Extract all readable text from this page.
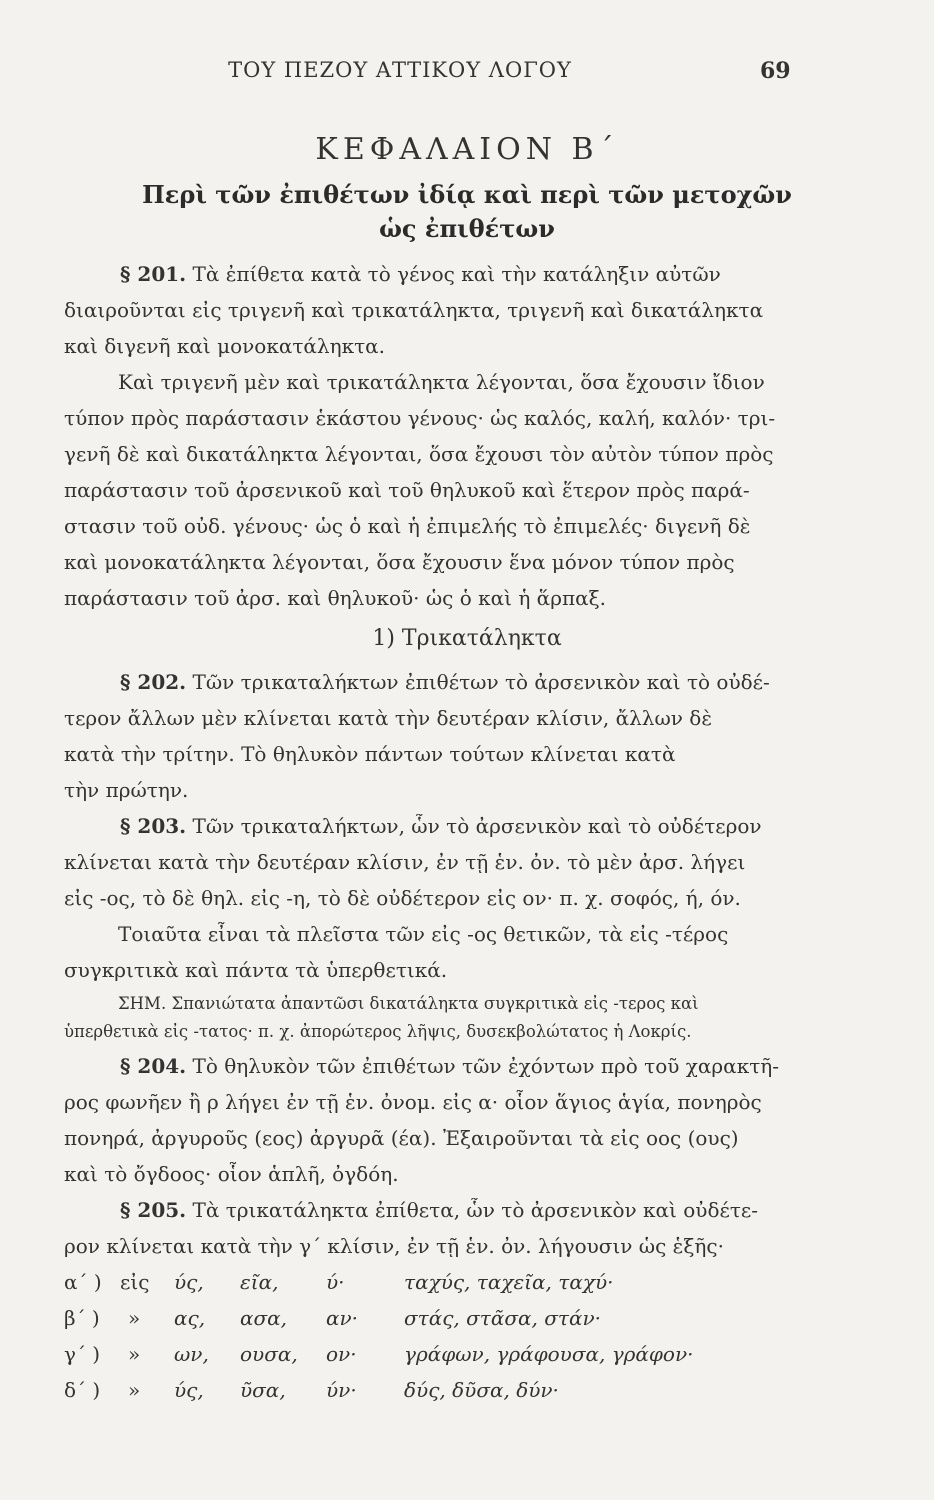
ΤΟΥ ΠΕΖΟΥ ΑΤΤΙΚΟΥ ΛΟΓΟΥ	69
ΚΕΦΑΛΑΙΟΝ Β΄
Περὶ τῶν ἐπιθέτων ἰδίᾳ καὶ περὶ τῶν μετοχῶν
ὡς ἐπιθέτων
§ 201. Τὰ ἐπίθετα κατὰ τὸ γένος καὶ τὴν κατάληξιν αὐτῶν
διαιροῦνται εἰς τριγενῆ καὶ τρικατάληκτα, τριγενῆ καὶ δικατάληκτα
καὶ διγενῆ καὶ μονοκατάληκτα.
Καὶ τριγενῆ μὲν καὶ τρικατάληκτα λέγονται, ὅσα ἔχουσιν ἴδιον
τύπον πρὸς παράστασιν ἑκάστου γένους· ὡς καλός, καλή, καλόν· τρι-
γενῆ δὲ καὶ δικατάληκτα λέγονται, ὅσα ἔχουσι τὸν αὐτὸν τύπον πρὸς
παράστασιν τοῦ ἀρσενικοῦ καὶ τοῦ θηλυκοῦ καὶ ἕτερον πρὸς παρά-
στασιν τοῦ οὐδ. γένους· ὡς ὁ καὶ ἡ ἐπιμελής τὸ ἐπιμελές· διγενῆ δὲ
καὶ μονοκατάληκτα λέγονται, ὅσα ἔχουσιν ἕνα μόνον τύπον πρὸς
παράστασιν τοῦ ἀρσ. καὶ θηλυκοῦ· ὡς ὁ καὶ ἡ ἅρπαξ.
1) Τρικατάληκτα
§ 202. Τῶν τρικαταλήκτων ἐπιθέτων τὸ ἀρσενικὸν καὶ τὸ οὐδέ-
τερον ἄλλων μὲν κλίνεται κατὰ τὴν δευτέραν κλίσιν, ἄλλων δὲ
κατὰ τὴν τρίτην. Τὸ θηλυκὸν πάντων τούτων κλίνεται κατὰ
τὴν πρώτην.
§ 203. Τῶν τρικαταλήκτων, ὧν τὸ ἀρσενικὸν καὶ τὸ οὐδέτερον
κλίνεται κατὰ τὴν δευτέραν κλίσιν, ἐν τῇ ἑν. ὀν. τὸ μὲν ἀρσ. λήγει
εἰς -ος, τὸ δὲ θηλ. εἰς -η, τὸ δὲ οὐδέτερον εἰς ον· π. χ. σοφός, ή, όν.
Τοιαῦτα εἶναι τὰ πλεῖστα τῶν εἰς -ος θετικῶν, τὰ εἰς -τέρος
συγκριτικὰ καὶ πάντα τὰ ὑπερθετικά.
ΣΗΜ. Σπανιώτατα ἀπαντῶσι δικατάληκτα συγκριτικὰ εἰς -τερος καὶ
ὑπερθετικὰ εἰς -τατος· π. χ. ἀπορώτερος λῆψις, δυσεκβολώτατος ἡ Λοκρίς.
§ 204. Τὸ θηλυκὸν τῶν ἐπιθέτων τῶν ἐχόντων πρὸ τοῦ χαρακτῆ-
ρος φωνῆεν ἢ ρ λήγει ἐν τῇ ἑν. ὀνομ. εἰς α· οἷον ἅγιος ἁγία, πονηρὸς
πονηρά, ἀργυροῦς (εος) ἀργυρᾶ (έα). Ἐξαιροῦνται τὰ εἰς οος (ους)
καὶ τὸ ὄγδοος· οἷον ἁπλῆ, ὀγδόη.
§ 205. Τὰ τρικατάληκτα ἐπίθετα, ὧν τὸ ἀρσενικὸν καὶ οὐδέτε-
ρον κλίνεται κατὰ τὴν γ΄ κλίσιν, ἐν τῇ ἑν. ὀν. λήγουσιν ὡς ἑξῆς·
α΄ ) εἰς ύς, εῖα, ύ·	ταχύς, ταχεῖα, ταχύ·
β΄ ) » ας, ασα, αν· στάς, στᾶσα, στάν·
γ΄ ) » ων, ουσα, ον· γράφων, γράφουσα, γράφον·
δ΄ ) » ύς, ῦσα, ύν· δύς, δῦσα, δύν·
